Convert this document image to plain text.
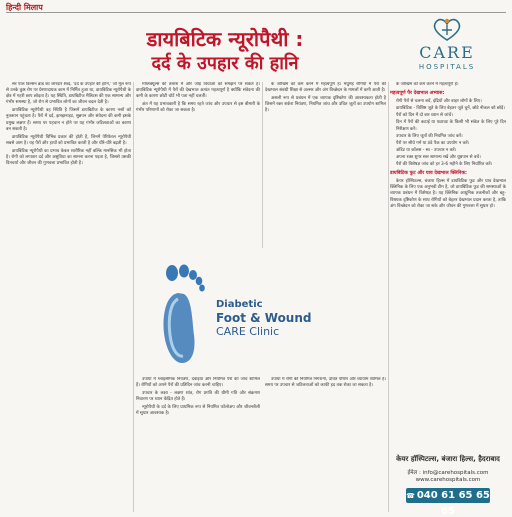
हिन्दी मिलाप
डायबिटिक न्यूरोपैथी :
दर्द के उपहार की हानि
CARE
HOSPITALS

सर पॉल विल्सन ब्रांड का जोरदार शब्द, 'दर्द के उपहार की हानि,' जो मूल रूप से उनके कुष्ठ रोग पर प्रेरणादायक काम में निर्मित हुआ था, डायबिटिक न्यूरोपैथी के क्षेत्र में गहरी छाप छोड़ता है। यह स्थिति, डायबिटीज मैलिटस की एक सामान्य और गंभीर समस्या है, जो रोग से प्रभावित लोगों का जीवन बदल देती है।

डायबिटिक न्यूरोपैथी वह स्थिति है जिसमें डायबिटीज के कारण नसों को नुकसान पहुंचता है। पैरों में दर्द, झनझनाहट, सुन्नपन और संवेदना की कमी इसके प्रमुख लक्षण हैं। समय पर पहचान न होने पर यह गंभीर जटिलताओं का कारण बन सकती है।

डायबिटिक न्यूरोपैथी विभिन्न प्रकार की होती है, जिनमें पेरिफेरल न्यूरोपैथी सबसे आम है। यह पैरों और हाथों को प्रभावित करती है और धीरे-धीरे बढ़ती है।

डायबिटिक न्यूरोपैथी का प्रभाव केवल शारीरिक नहीं बल्कि मानसिक भी होता है। रोगी को लगातार दर्द और असुविधा का सामना करना पड़ता है, जिससे उसकी दिनचर्या और जीवन की गुणवत्ता प्रभावित होती है।

मॉलिक्यूल्स की तलाश में और जोड़ विधाओं को समझने पर सकते हैं। डायबिटिक न्यूरोपैथी में पैरों की देखभाल अत्यंत महत्वपूर्ण है क्योंकि संवेदना की कमी के कारण छोटी चोटें भी पता नहीं चलतीं।

अंत में यह प्रभावकारी है कि समय रहते जांच और उपचार से इस बीमारी के गंभीर परिणामों को रोका जा सकता है।

के जोखिम को कम करने में महत्वपूर्ण है। मधुमेह रोगियों में पैरों की देखभाल संबंधी शिक्षा से अल्सर और अंग विच्छेदन के मामलों में कमी आती है।

असली रूप से प्रबंधन में एक व्यापक दृष्टिकोण की आवश्यकता होती है जिसमें रक्त शर्करा नियंत्रण, नियमित जांच और उचित जूतों का उपयोग शामिल है।

Diabetic
Foot & Wound
CARE Clinic

उपायों में ग्लाइसेमिक नियंत्रण, दवाइयां और नियमित पैरों की जांच शामिल हैं। रोगियों को अपने पैरों की प्रतिदिन जांच करनी चाहिए।

उपचार के लक्ष्य - लक्षण शांत, रोग प्रगति की धीमी गति और संक्रमण निवारण पर ध्यान केंद्रित होते हैं।

न्यूरोपैथी के दर्द के लिए प्राथमिक रूप से नियमित फॉलोअप और जीवनशैली में सुधार आवश्यक है।

उपायों में रोगी की नियमित निगरानी, उचित पोषण और व्यायाम शामिल हैं। समय पर उपचार से जटिलताओं को काफी हद तक रोका जा सकता है।

के जोखिम को कम करने में महत्वपूर्ण है।

महत्वपूर्ण पैर देखभाल अभ्यास:
• रोगी पैरों से चलना बचें, इंद्रियों और बाहर लोगों के लिए।
• डायबिटिक - विशिष्ट जूते के लिए बेहतर जूते चुनें, छोटे नीकल को छोड़ें।
• पैरों को दिन में दो बार ध्यान से जांचें।
• दिन में पैरों की कटाई या फटावट के किसी भी संकेत के लिए पूरे दिन निरीक्षण करें।
• उपचार के लिए जूतों की नियमित जांच करें।
• पैरों पर सीधे गर्म या ठंडे पैक का उपयोग न करें।
• अंडिट या कॉलस - स्व - उपचार न करें।
• अपना रक्त शुगर स्तर सामान्य रखें और धूम्रपान से बचें।
• पैरों की विशेषज्ञ जांच को हर 3-6 महीने के लिए निर्धारित करें।
डायबिटिक फुट और घाव देखभाल क्लिनिक:

केयर हॉस्पिटल्स, बंजारा हिल्स में डायबिटिक फुट और घाव देखभाल क्लिनिक के लिए एक अनुभवी टीम है, जो डायबिटिक फुट की समस्याओं के व्यापक प्रबंधन में विशेषज्ञ है। यह क्लिनिक आधुनिक तकनीकों और बहु-विषयक दृष्टिकोण के साथ रोगियों को बेहतर देखभाल प्रदान करता है, ताकि अंग विच्छेदन को रोका जा सके और जीवन की गुणवत्ता में सुधार हो।

केयर हॉस्पिटल्स, बंजारा हिल्स, हैदराबाद
ईमेल : info@carehospitals.com
www.carehospitals.com
☎ 040 61 65 65 65
